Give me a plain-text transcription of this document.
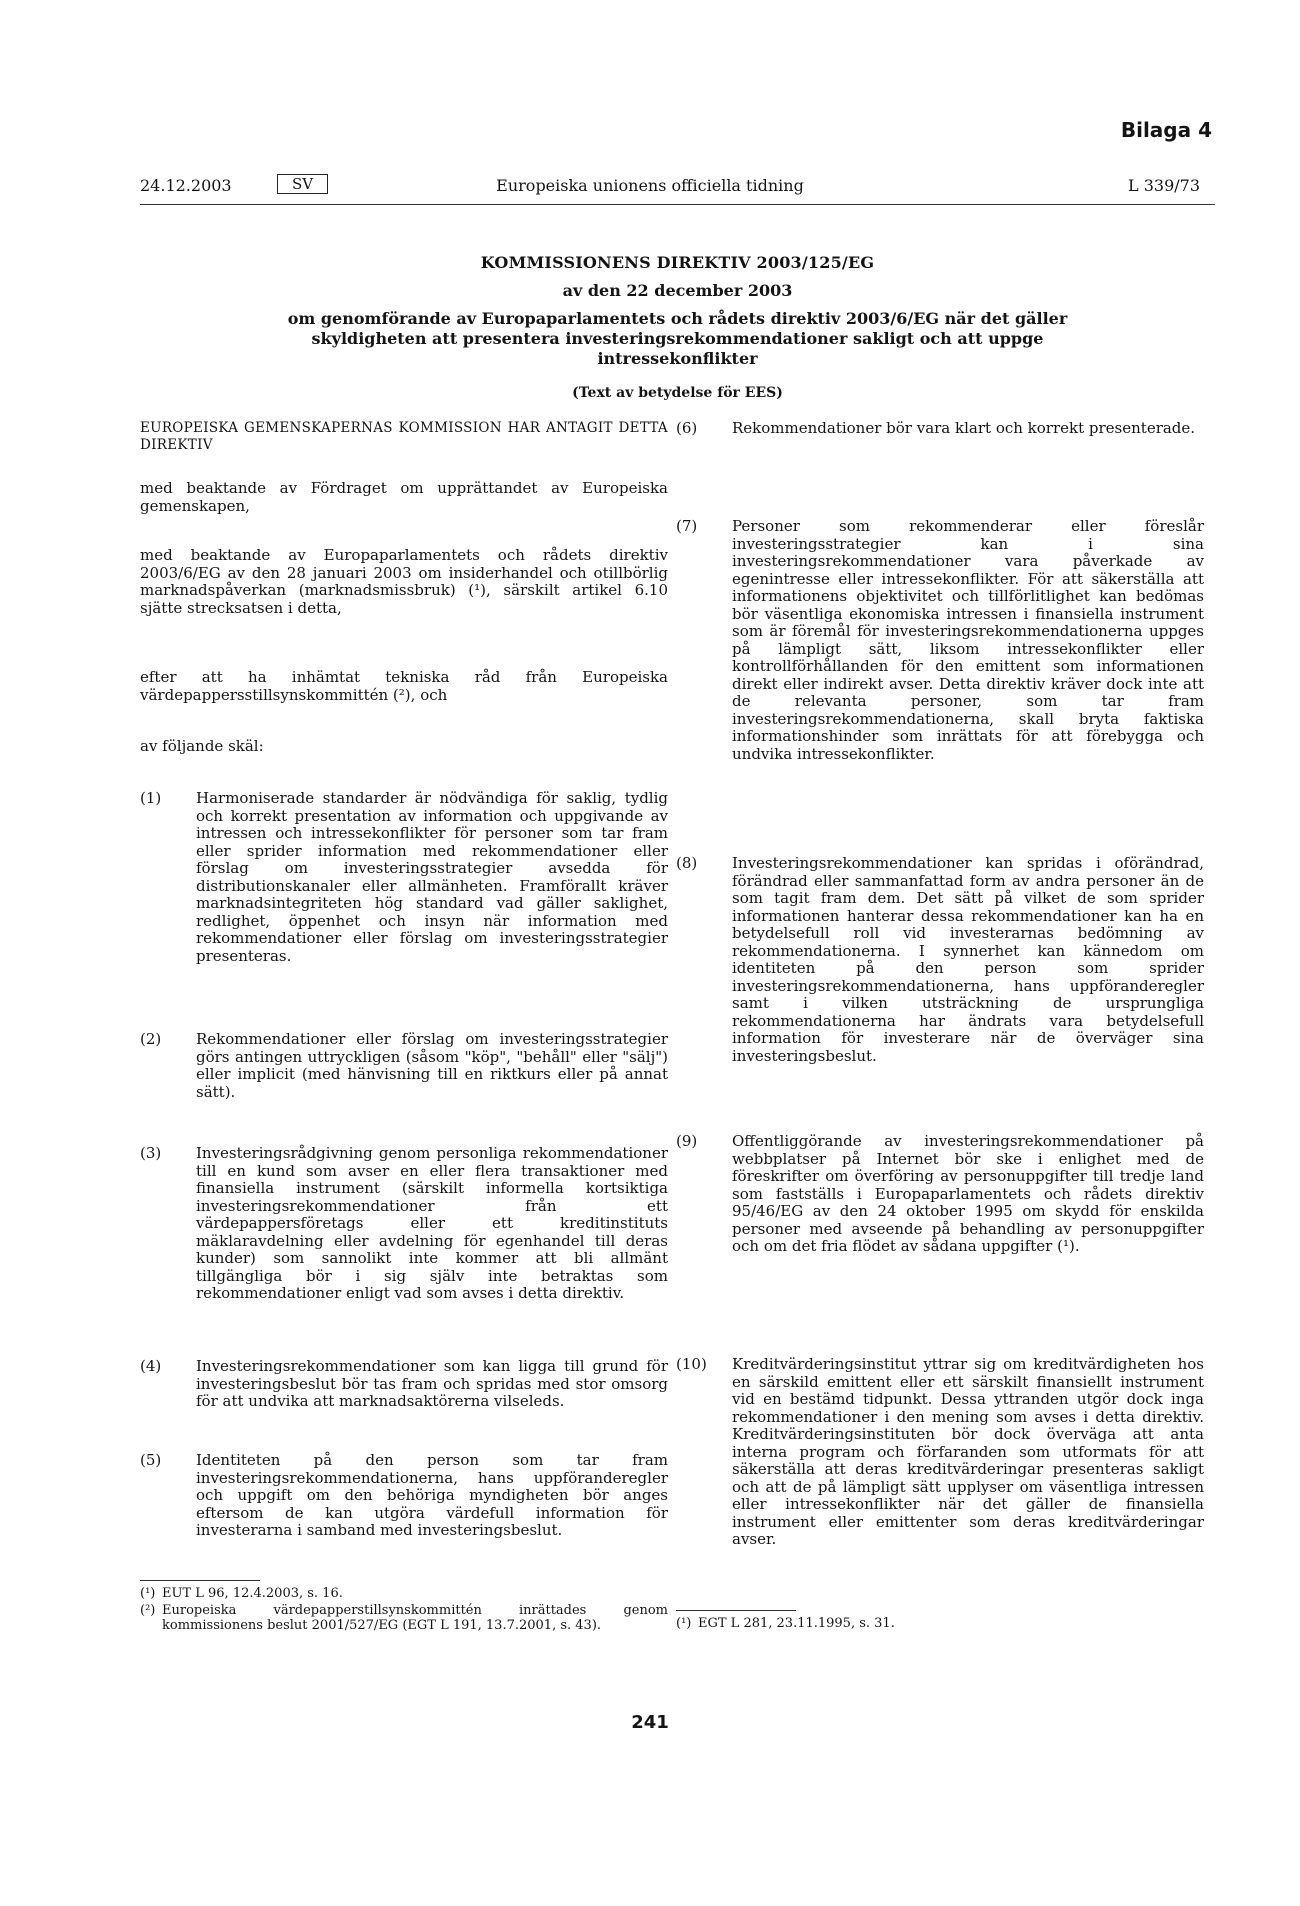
Bilaga 4
24.12.2003	SV	Europeiska unionens officiella tidning	L 339/73
KOMMISSIONENS DIREKTIV 2003/125/EG
av den 22 december 2003
om genomförande av Europaparlamentets och rådets direktiv 2003/6/EG när det gäller skyldigheten att presentera investeringsrekommendationer sakligt och att uppge intressekonflikter
(Text av betydelse för EES)

EUROPEISKA GEMENSKAPERNAS KOMMISSION HAR ANTAGIT DETTA DIREKTIV

med beaktande av Fördraget om upprättandet av Europeiska gemenskapen,

med beaktande av Europaparlamentets och rådets direktiv 2003/6/EG av den 28 januari 2003 om insiderhandel och otillbörlig marknadspåverkan (marknadsmissbruk) (¹), särskilt artikel 6.10 sjätte strecksatsen i detta,

efter att ha inhämtat tekniska råd från Europeiska värdepappersstillsynskommittén (²), och

av följande skäl:

(1)	Harmoniserade standarder är nödvändiga för saklig, tydlig och korrekt presentation av information och uppgivande av intressen och intressekonflikter för personer som tar fram eller sprider information med rekommendationer eller förslag om investeringsstrategier avsedda för distributionskanaler eller allmänheten. Framförallt kräver marknadsintegriteten hög standard vad gäller saklighet, redlighet, öppenhet och insyn när information med rekommendationer eller förslag om investeringsstrategier presenteras.
(2)	Rekommendationer eller förslag om investeringsstrategier görs antingen uttryckligen (såsom "köp", "behåll" eller "sälj") eller implicit (med hänvisning till en riktkurs eller på annat sätt).
(3)	Investeringsrådgivning genom personliga rekommendationer till en kund som avser en eller flera transaktioner med finansiella instrument (särskilt informella kortsiktiga investeringsrekommendationer från ett värdepappersföretags eller ett kreditinstituts mäklaravdelning eller avdelning för egenhandel till deras kunder) som sannolikt inte kommer att bli allmänt tillgängliga bör i sig själv inte betraktas som rekommendationer enligt vad som avses i detta direktiv.
(4)	Investeringsrekommendationer som kan ligga till grund för investeringsbeslut bör tas fram och spridas med stor omsorg för att undvika att marknadsaktörerna vilseleds.
(5)	Identiteten på den person som tar fram investeringsrekommendationerna, hans uppföranderegler och uppgift om den behöriga myndigheten bör anges eftersom de kan utgöra värdefull information för investerarna i samband med investeringsbeslut.
(¹) EUT L 96, 12.4.2003, s. 16.
(²) Europeiska värdepapperstillsynskommittén inrättades genom kommissionens beslut 2001/527/EG (EGT L 191, 13.7.2001, s. 43).
(6)	Rekommendationer bör vara klart och korrekt presenterade.
(7)	Personer som rekommenderar eller föreslår investeringsstrategier kan i sina investeringsrekommendationer vara påverkade av egenintresse eller intressekonflikter. För att säkerställa att informationens objektivitet och tillförlitlighet kan bedömas bör väsentliga ekonomiska intressen i finansiella instrument som är föremål för investeringsrekommendationerna uppges på lämpligt sätt, liksom intressekonflikter eller kontrollförhållanden för den emittent som informationen direkt eller indirekt avser. Detta direktiv kräver dock inte att de relevanta personer, som tar fram investeringsrekommendationerna, skall bryta faktiska informationshinder som inrättats för att förebygga och undvika intressekonflikter.
(8)	Investeringsrekommendationer kan spridas i oförändrad, förändrad eller sammanfattad form av andra personer än de som tagit fram dem. Det sätt på vilket de som sprider informationen hanterar dessa rekommendationer kan ha en betydelsefull roll vid investerarnas bedömning av rekommendationerna. I synnerhet kan kännedom om identiteten på den person som sprider investeringsrekommendationerna, hans uppföranderegler samt i vilken utsträckning de ursprungliga rekommendationerna har ändrats vara betydelsefull information för investerare när de överväger sina investeringsbeslut.
(9)	Offentliggörande av investeringsrekommendationer på webbplatser på Internet bör ske i enlighet med de föreskrifter om överföring av personuppgifter till tredje land som fastställs i Europaparlamentets och rådets direktiv 95/46/EG av den 24 oktober 1995 om skydd för enskilda personer med avseende på behandling av personuppgifter och om det fria flödet av sådana uppgifter (¹).
(10)	Kreditvärderingsinstitut yttrar sig om kreditvärdigheten hos en särskild emittent eller ett särskilt finansiellt instrument vid en bestämd tidpunkt. Dessa yttranden utgör dock inga rekommendationer i den mening som avses i detta direktiv. Kreditvärderingsinstituten bör dock överväga att anta interna program och förfaranden som utformats för att säkerställa att deras kreditvärderingar presenteras sakligt och att de på lämpligt sätt upplyser om väsentliga intressen eller intressekonflikter när det gäller de finansiella instrument eller emittenter som deras kreditvärderingar avser.
(¹) EGT L 281, 23.11.1995, s. 31.
241
